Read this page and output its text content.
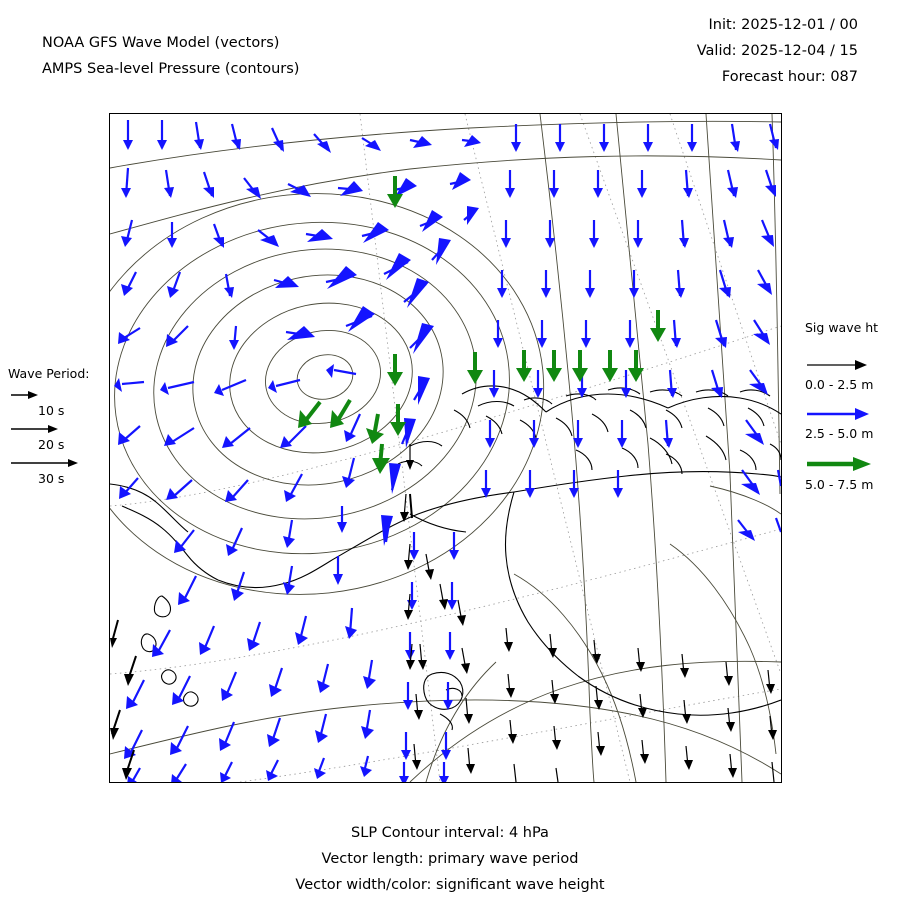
NOAA GFS Wave Model (vectors)
AMPS Sea-level Pressure (contours)
Init: 2025-12-01 / 00
Valid: 2025-12-04 / 15
Forecast hour: 087
Wave Period:
10 s
20 s
30 s
Sig wave ht
0.0 - 2.5 m
2.5 - 5.0 m
5.0 - 7.5 m
SLP Contour interval: 4 hPa
Vector length: primary wave period
Vector width/color: significant wave height
